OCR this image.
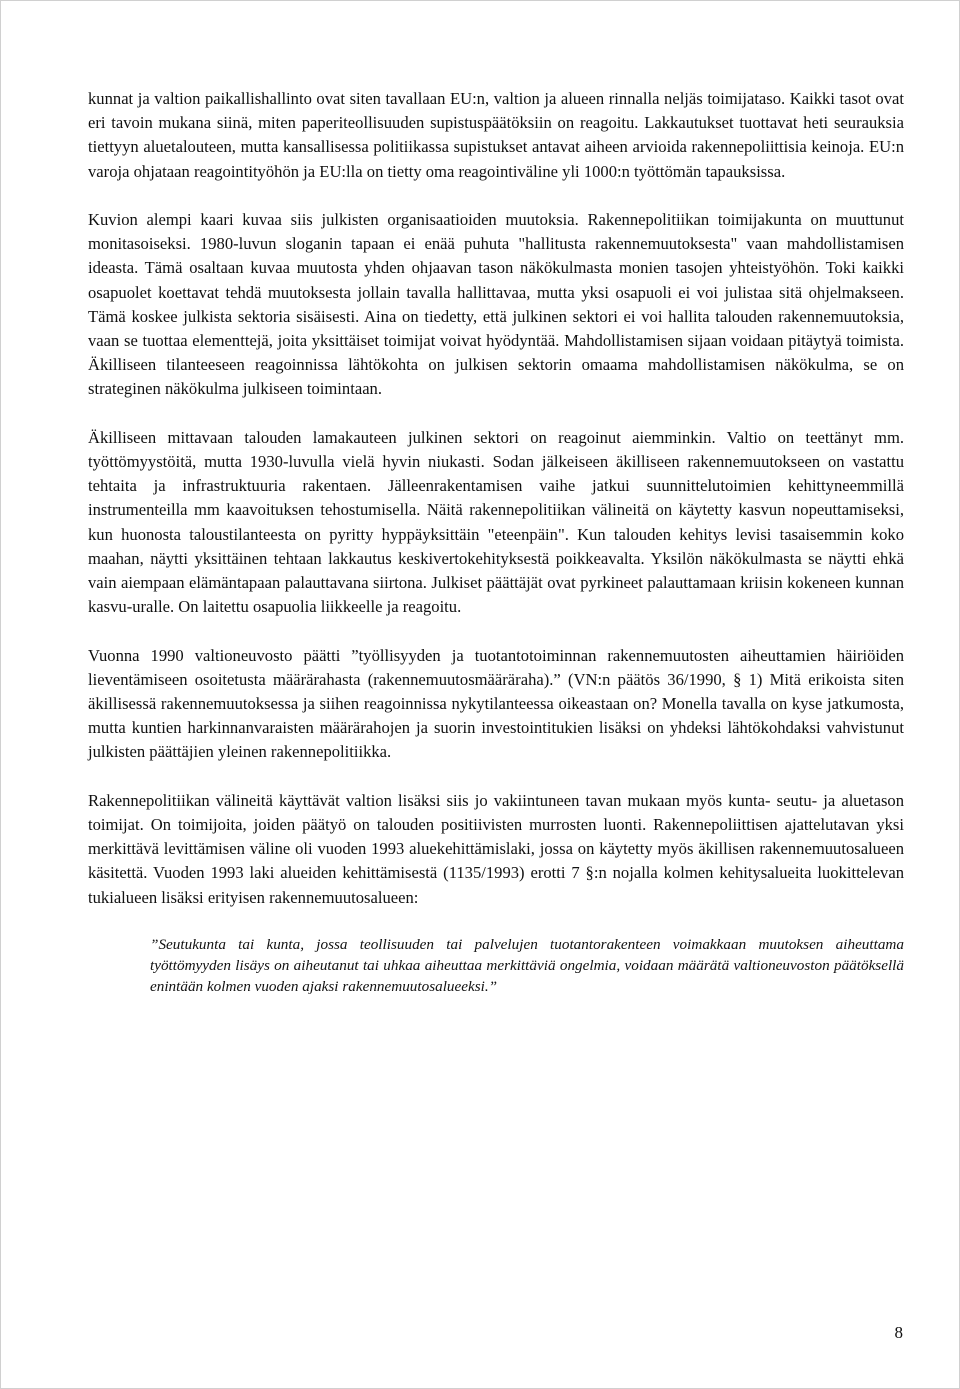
kunnat ja valtion paikallishallinto ovat siten tavallaan EU:n, valtion ja alueen rinnalla neljäs toimijataso. Kaikki tasot ovat eri tavoin mukana siinä, miten paperiteollisuuden supistuspäätöksiin on reagoitu. Lakkautukset tuottavat heti seurauksia tiettyyn aluetalouteen, mutta kansallisessa politiikassa supistukset antavat aiheen arvioida rakennepoliittisia keinoja. EU:n varoja ohjataan reagointityöhön ja EU:lla on tietty oma reagointiväline yli 1000:n työttömän tapauksissa.

Kuvion alempi kaari kuvaa siis julkisten organisaatioiden muutoksia. Rakennepolitiikan toimijakunta on muuttunut monitasoiseksi. 1980-luvun sloganin tapaan ei enää puhuta "hallitusta rakennemuutoksesta" vaan mahdollistamisen ideasta. Tämä osaltaan kuvaa muutosta yhden ohjaavan tason näkökulmasta monien tasojen yhteistyöhön. Toki kaikki osapuolet koettavat tehdä muutoksesta jollain tavalla hallittavaa, mutta yksi osapuoli ei voi julistaa sitä ohjelmakseen. Tämä koskee julkista sektoria sisäisesti. Aina on tiedetty, että julkinen sektori ei voi hallita talouden rakennemuutoksia, vaan se tuottaa elementtejä, joita yksittäiset toimijat voivat hyödyntää. Mahdollistamisen sijaan voidaan pitäytyä toimista. Äkilliseen tilanteeseen reagoinnissa lähtökohta on julkisen sektorin omaama mahdollistamisen näkökulma, se on strateginen näkökulma julkiseen toimintaan.

Äkilliseen mittavaan talouden lamakauteen julkinen sektori on reagoinut aiemminkin. Valtio on teettänyt mm. työttömyystöitä, mutta 1930-luvulla vielä hyvin niukasti. Sodan jälkeiseen äkilliseen rakennemuutokseen on vastattu tehtaita ja infrastruktuuria rakentaen. Jälleenrakentamisen vaihe jatkui suunnittelutoimien kehittyneemmillä instrumenteilla mm kaavoituksen tehostumisella. Näitä rakennepolitiikan välineitä on käytetty kasvun nopeuttamiseksi, kun huonosta taloustilanteesta on pyritty hyppäyksittäin "eteenpäin". Kun talouden kehitys levisi tasaisemmin koko maahan, näytti yksittäinen tehtaan lakkautus keskivertokehityksestä poikkeavalta. Yksilön näkökulmasta se näytti ehkä vain aiempaan elämäntapaan palauttavana siirtona. Julkiset päättäjät ovat pyrkineet palauttamaan kriisin kokeneen kunnan kasvu-uralle. On laitettu osapuolia liikkeelle ja reagoitu.

Vuonna 1990 valtioneuvosto päätti ”työllisyyden ja tuotantotoiminnan rakennemuutosten aiheuttamien häiriöiden lieventämiseen osoitetusta määrärahasta (rakennemuutosmääräraha).” (VN:n päätös 36/1990, § 1) Mitä erikoista siten äkillisessä rakennemuutoksessa ja siihen reagoinnissa nykytilanteessa oikeastaan on? Monella tavalla on kyse jatkumosta, mutta kuntien harkinnanvaraisten määrärahojen ja suorin investointitukien lisäksi on yhdeksi lähtökohdaksi vahvistunut julkisten päättäjien yleinen rakennepolitiikka.

Rakennepolitiikan välineitä käyttävät valtion lisäksi siis jo vakiintuneen tavan mukaan myös kunta- seutu- ja aluetason toimijat. On toimijoita, joiden päätyö on talouden positiivisten murrosten luonti. Rakennepoliittisen ajattelutavan yksi merkittävä levittämisen väline oli vuoden 1993 aluekehittämislaki, jossa on käytetty myös äkillisen rakennemuutosalueen käsitettä. Vuoden 1993 laki alueiden kehittämisestä (1135/1993) erotti 7 §:n nojalla kolmen kehitysalueita luokittelevan tukialueen lisäksi erityisen rakennemuutosalueen:

”Seutukunta tai kunta, jossa teollisuuden tai palvelujen tuotantorakenteen voimakkaan muutoksen aiheuttama työttömyyden lisäys on aiheutanut tai uhkaa aiheuttaa merkittäviä ongelmia, voidaan määrätä valtioneuvoston päätöksellä enintään kolmen vuoden ajaksi rakennemuutosalueeksi.”

8
